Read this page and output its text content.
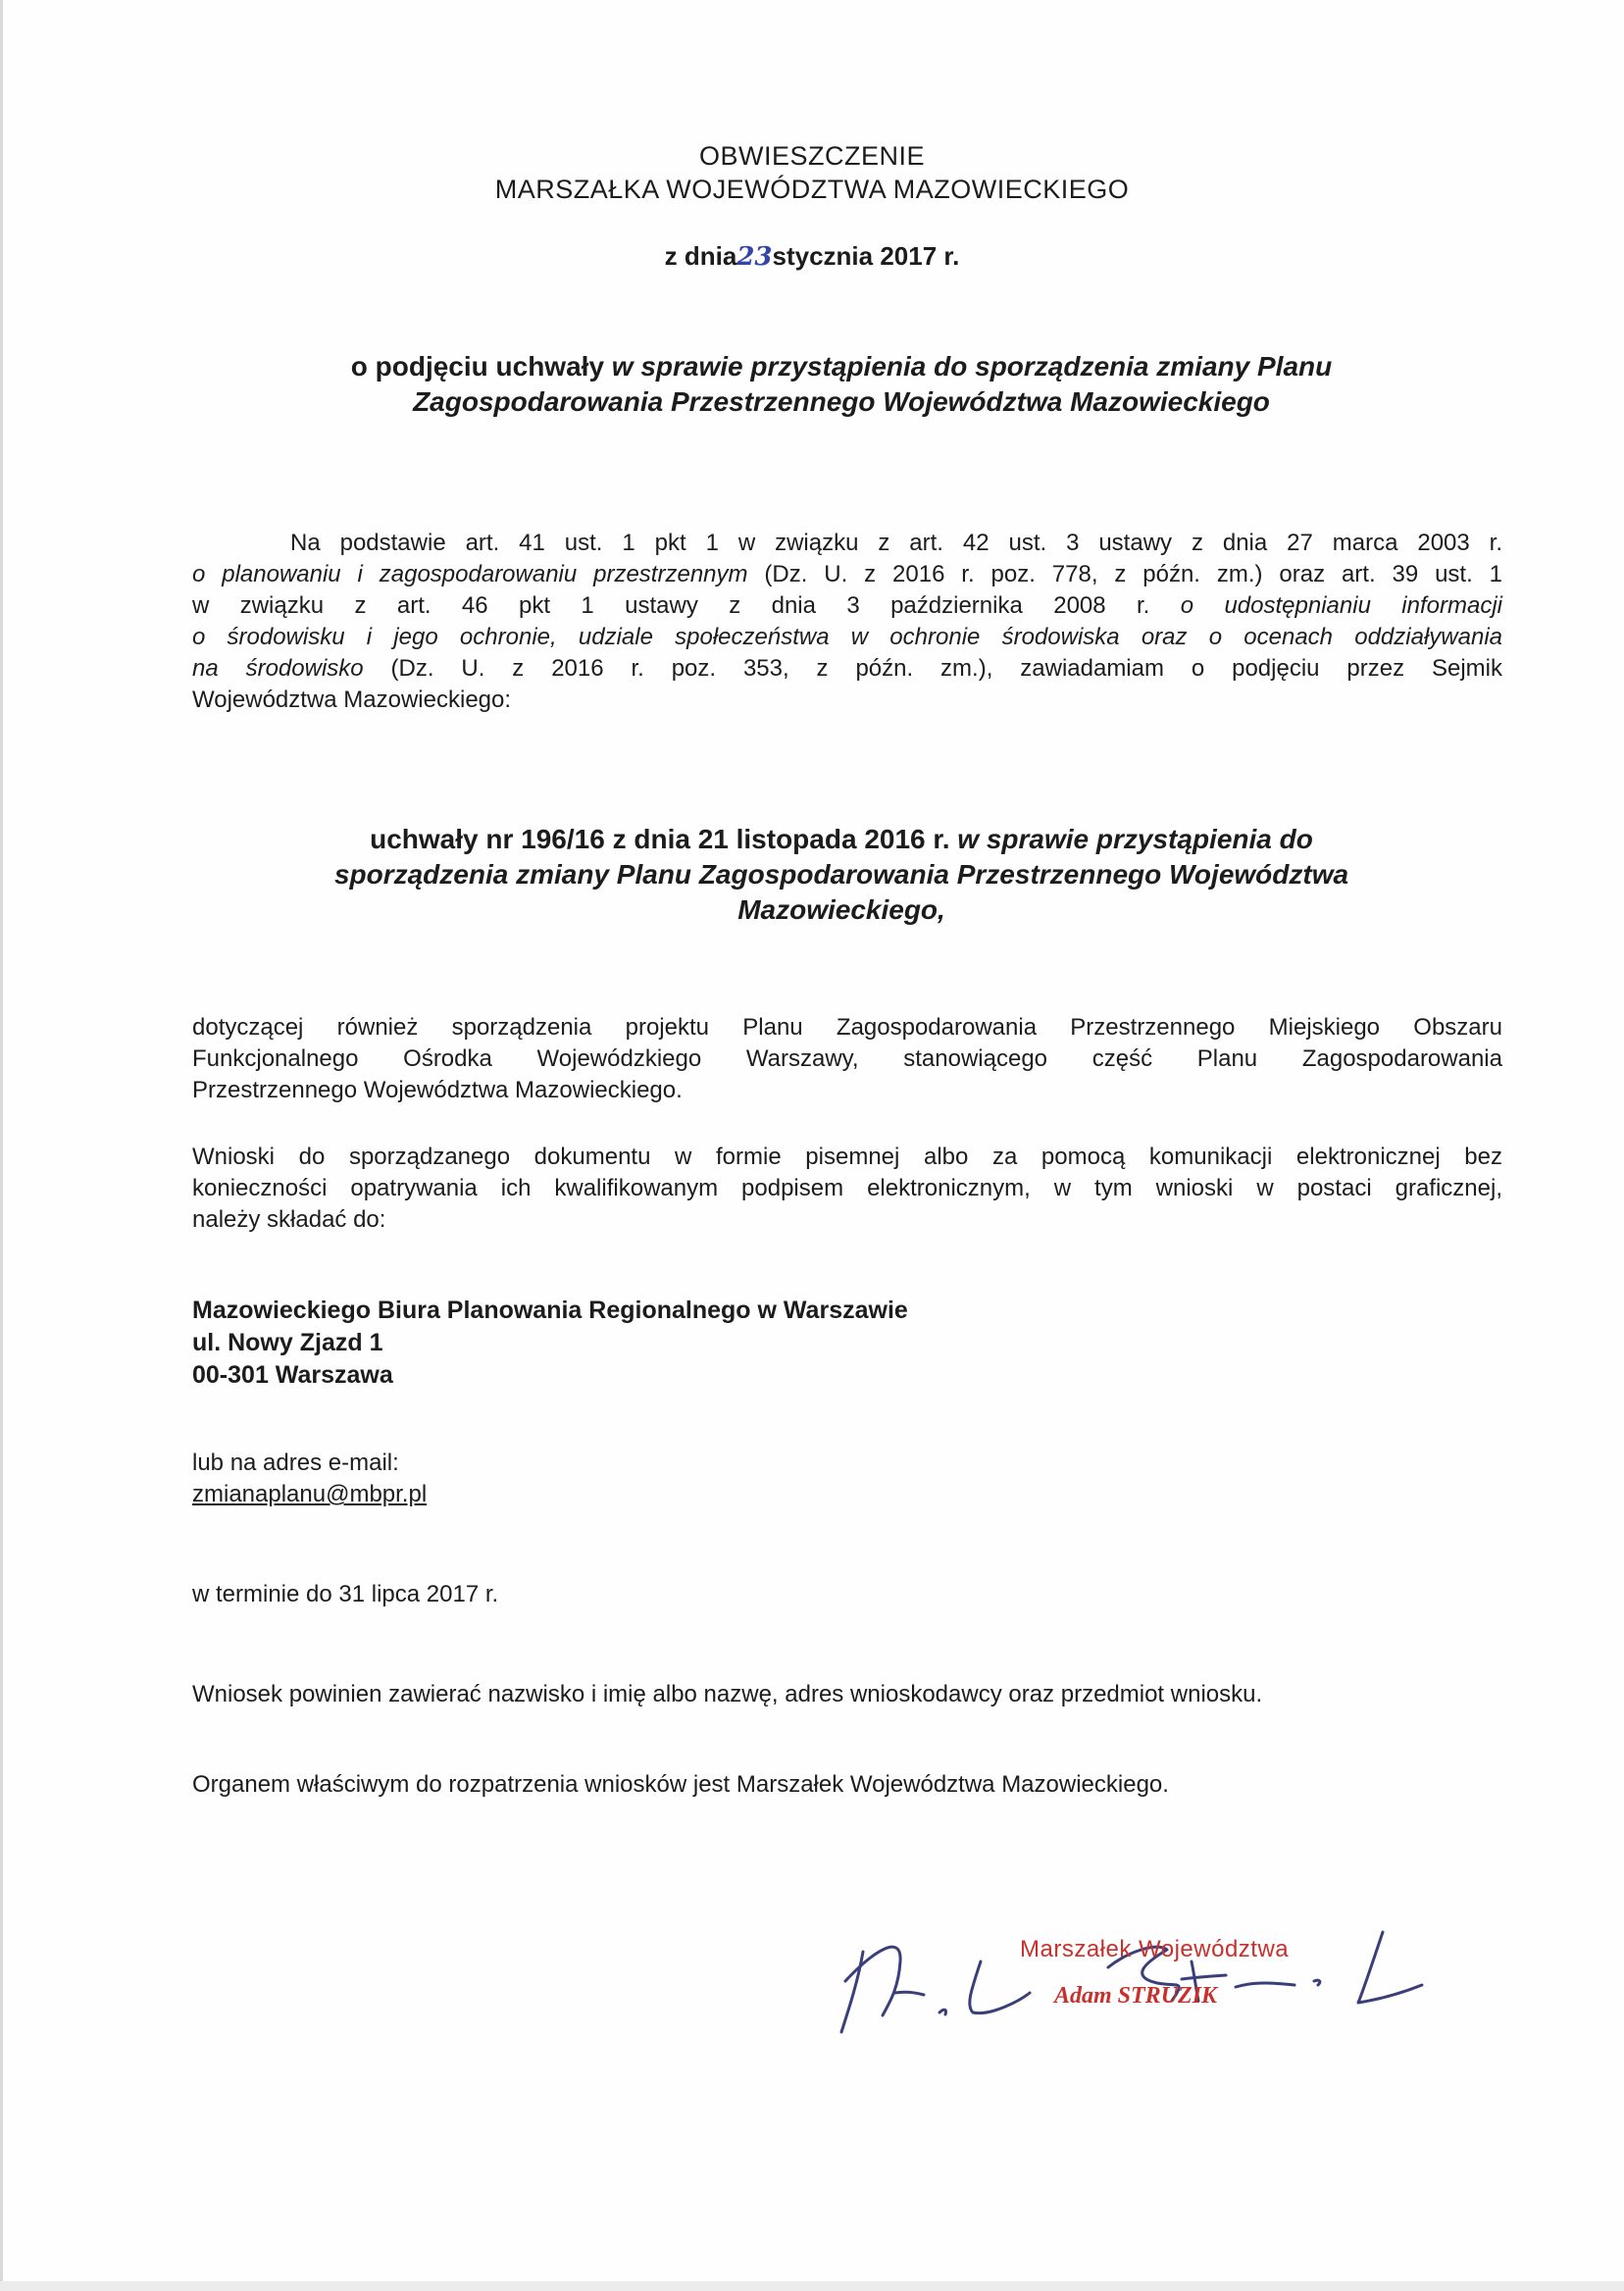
OBWIESZCZENIE
MARSZAŁKA WOJEWÓDZTWA MAZOWIECKIEGO
z dnia23stycznia 2017 r.
o podjęciu uchwały w sprawie przystąpienia do sporządzenia zmiany Planu
Zagospodarowania Przestrzennego Województwa Mazowieckiego
Na podstawie art. 41 ust. 1 pkt 1 w związku z art. 42 ust. 3 ustawy z dnia 27 marca 2003 r.
o planowaniu i zagospodarowaniu przestrzennym (Dz. U. z 2016 r. poz. 778, z późn. zm.) oraz art. 39 ust. 1
w związku z art. 46 pkt 1 ustawy z dnia 3 października 2008 r. o udostępnianiu informacji
o środowisku i jego ochronie, udziale społeczeństwa w ochronie środowiska oraz o ocenach oddziaływania
na środowisko (Dz. U. z 2016 r. poz. 353, z późn. zm.), zawiadamiam o podjęciu przez Sejmik
Województwa Mazowieckiego:
uchwały nr 196/16 z dnia 21 listopada 2016 r. w sprawie przystąpienia do
sporządzenia zmiany Planu Zagospodarowania Przestrzennego Województwa
Mazowieckiego,
dotyczącej również sporządzenia projektu Planu Zagospodarowania Przestrzennego Miejskiego Obszaru
Funkcjonalnego Ośrodka Wojewódzkiego Warszawy, stanowiącego część Planu Zagospodarowania
Przestrzennego Województwa Mazowieckiego.
Wnioski do sporządzanego dokumentu w formie pisemnej albo za pomocą komunikacji elektronicznej bez
konieczności opatrywania ich kwalifikowanym podpisem elektronicznym, w tym wnioski w postaci graficznej,
należy składać do:
Mazowieckiego Biura Planowania Regionalnego w Warszawie
ul. Nowy Zjazd 1
00-301 Warszawa
lub na adres e-mail:
zmianaplanu@mbpr.pl
w terminie do 31 lipca 2017 r.
Wniosek powinien zawierać nazwisko i imię albo nazwę, adres wnioskodawcy oraz przedmiot wniosku.
Organem właściwym do rozpatrzenia wniosków jest Marszałek Województwa Mazowieckiego.
Marszałek Województwa
Adam STRUZIK
